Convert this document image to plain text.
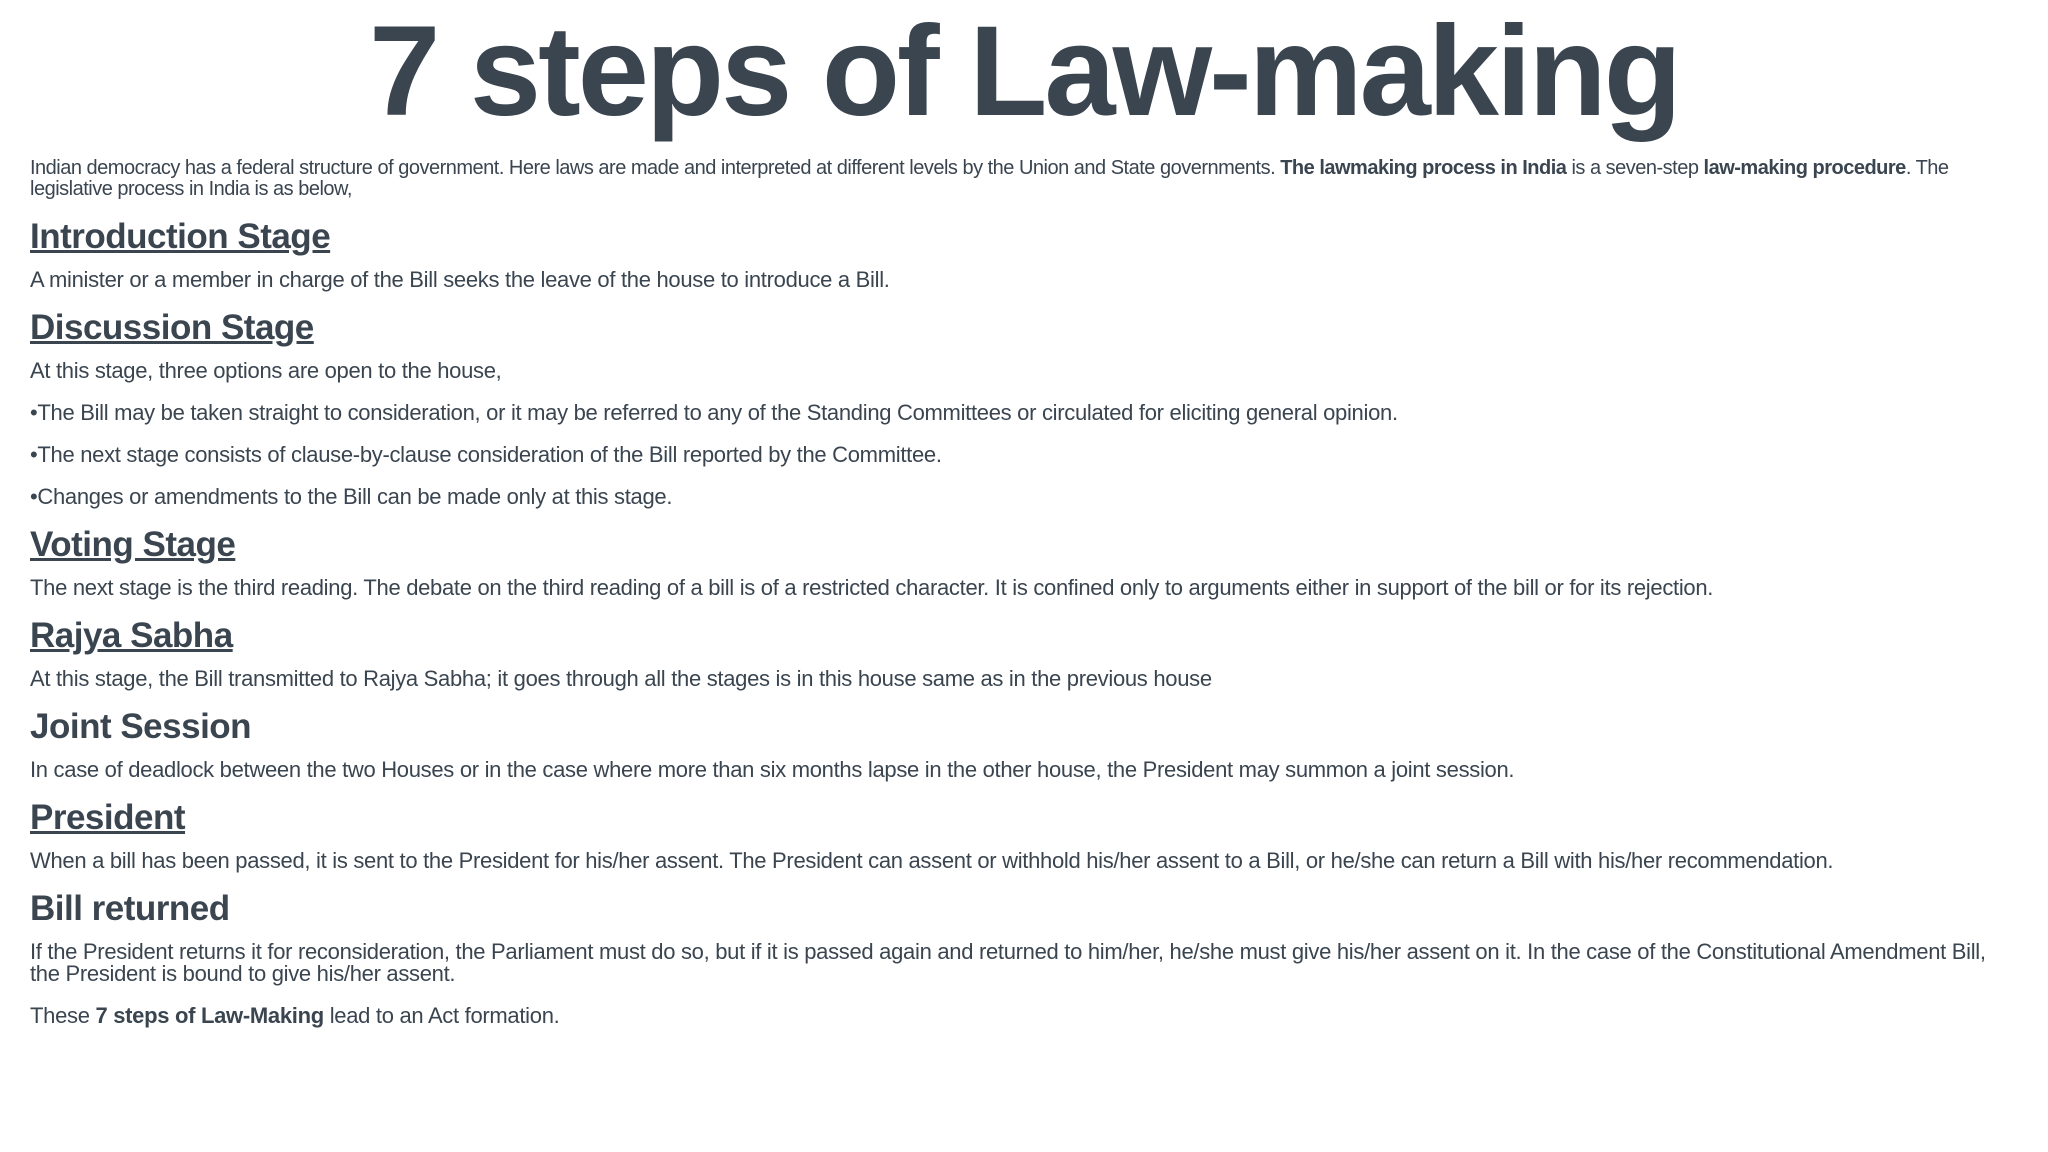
7 steps of Law-making

Indian democracy has a federal structure of government. Here laws are made and interpreted at different levels by the Union and State governments. The lawmaking process in India is a seven-step law-making procedure. The legislative process in India is as below,

Introduction Stage

A minister or a member in charge of the Bill seeks the leave of the house to introduce a Bill.

Discussion Stage

At this stage, three options are open to the house,

•The Bill may be taken straight to consideration, or it may be referred to any of the Standing Committees or circulated for eliciting general opinion.

•The next stage consists of clause-by-clause consideration of the Bill reported by the Committee.

•Changes or amendments to the Bill can be made only at this stage.

Voting Stage

The next stage is the third reading. The debate on the third reading of a bill is of a restricted character. It is confined only to arguments either in support of the bill or for its rejection.

Rajya Sabha

At this stage, the Bill transmitted to Rajya Sabha; it goes through all the stages is in this house same as in the previous house

Joint Session

In case of deadlock between the two Houses or in the case where more than six months lapse in the other house, the President may summon a joint session.

President

When a bill has been passed, it is sent to the President for his/her assent. The President can assent or withhold his/her assent to a Bill, or he/she can return a Bill with his/her recommendation.

Bill returned

If the President returns it for reconsideration, the Parliament must do so, but if it is passed again and returned to him/her, he/she must give his/her assent on it. In the case of the Constitutional Amendment Bill, the President is bound to give his/her assent.

These 7 steps of Law-Making lead to an Act formation.
